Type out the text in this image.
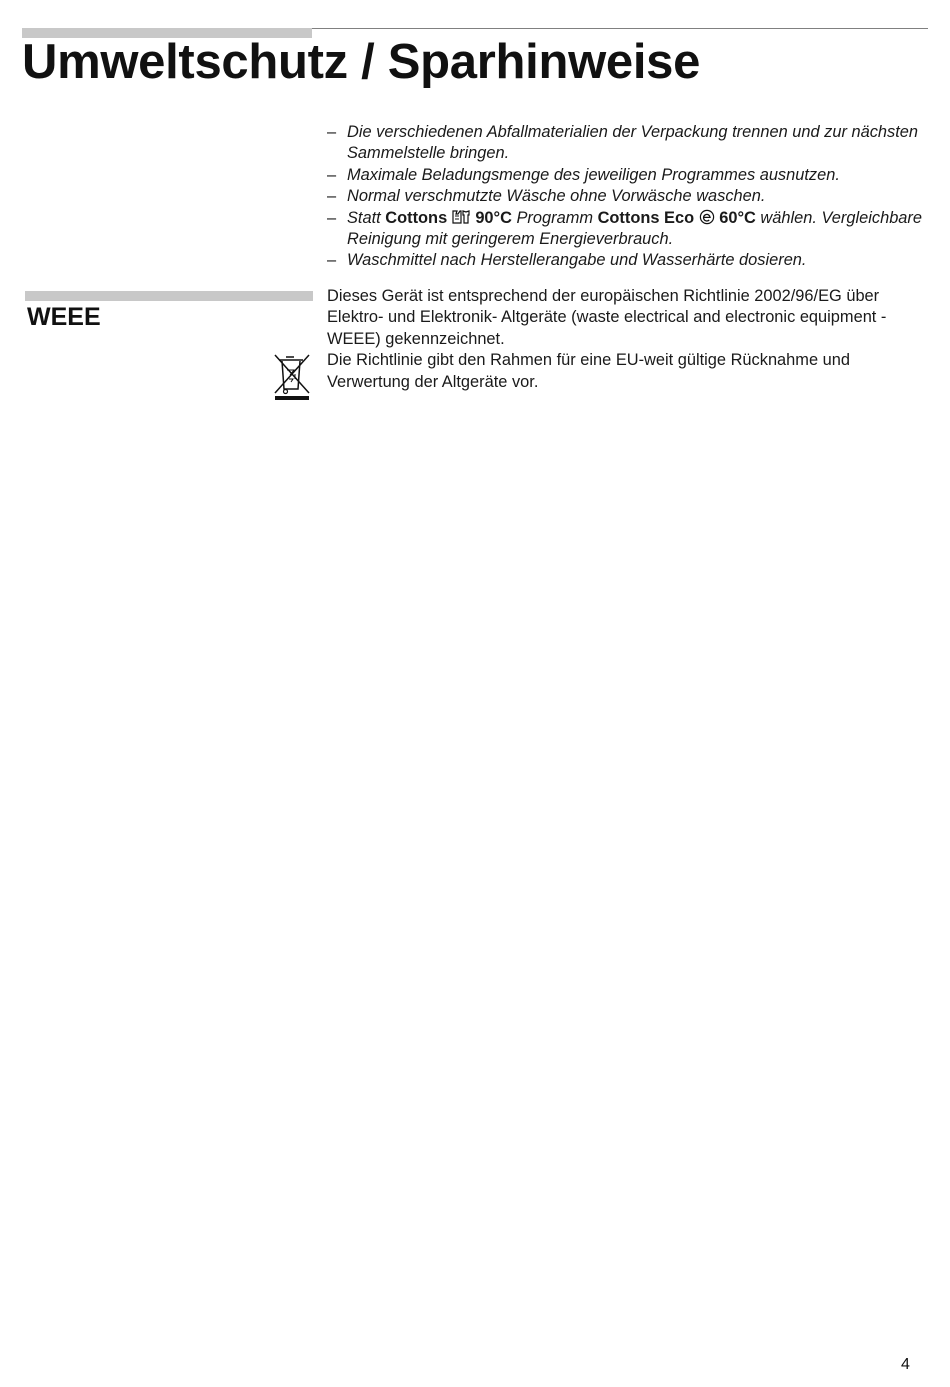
Umweltschutz / Sparhinweise
– Die verschiedenen Abfallmaterialien der Verpackung trennen und zur nächsten Sammelstelle bringen.
– Maximale Beladungsmenge des jeweiligen Programmes ausnutzen.
– Normal verschmutzte Wäsche ohne Vorwäsche waschen.
– Statt Cottons 90°C Programm Cottons Eco 60°C wählen. Vergleichbare Reinigung mit geringerem Energieverbrauch.
– Waschmittel nach Herstellerangabe und Wasserhärte dosieren.
WEEE

Dieses Gerät ist entsprechend der europäischen Richtlinie 2002/96/EG über Elektro- und Elektronik- Altgeräte (waste electrical and electronic equipment - WEEE) gekennzeichnet.

Die Richtlinie gibt den Rahmen für eine EU-weit gültige Rücknahme und Verwertung der Altgeräte vor.

4
